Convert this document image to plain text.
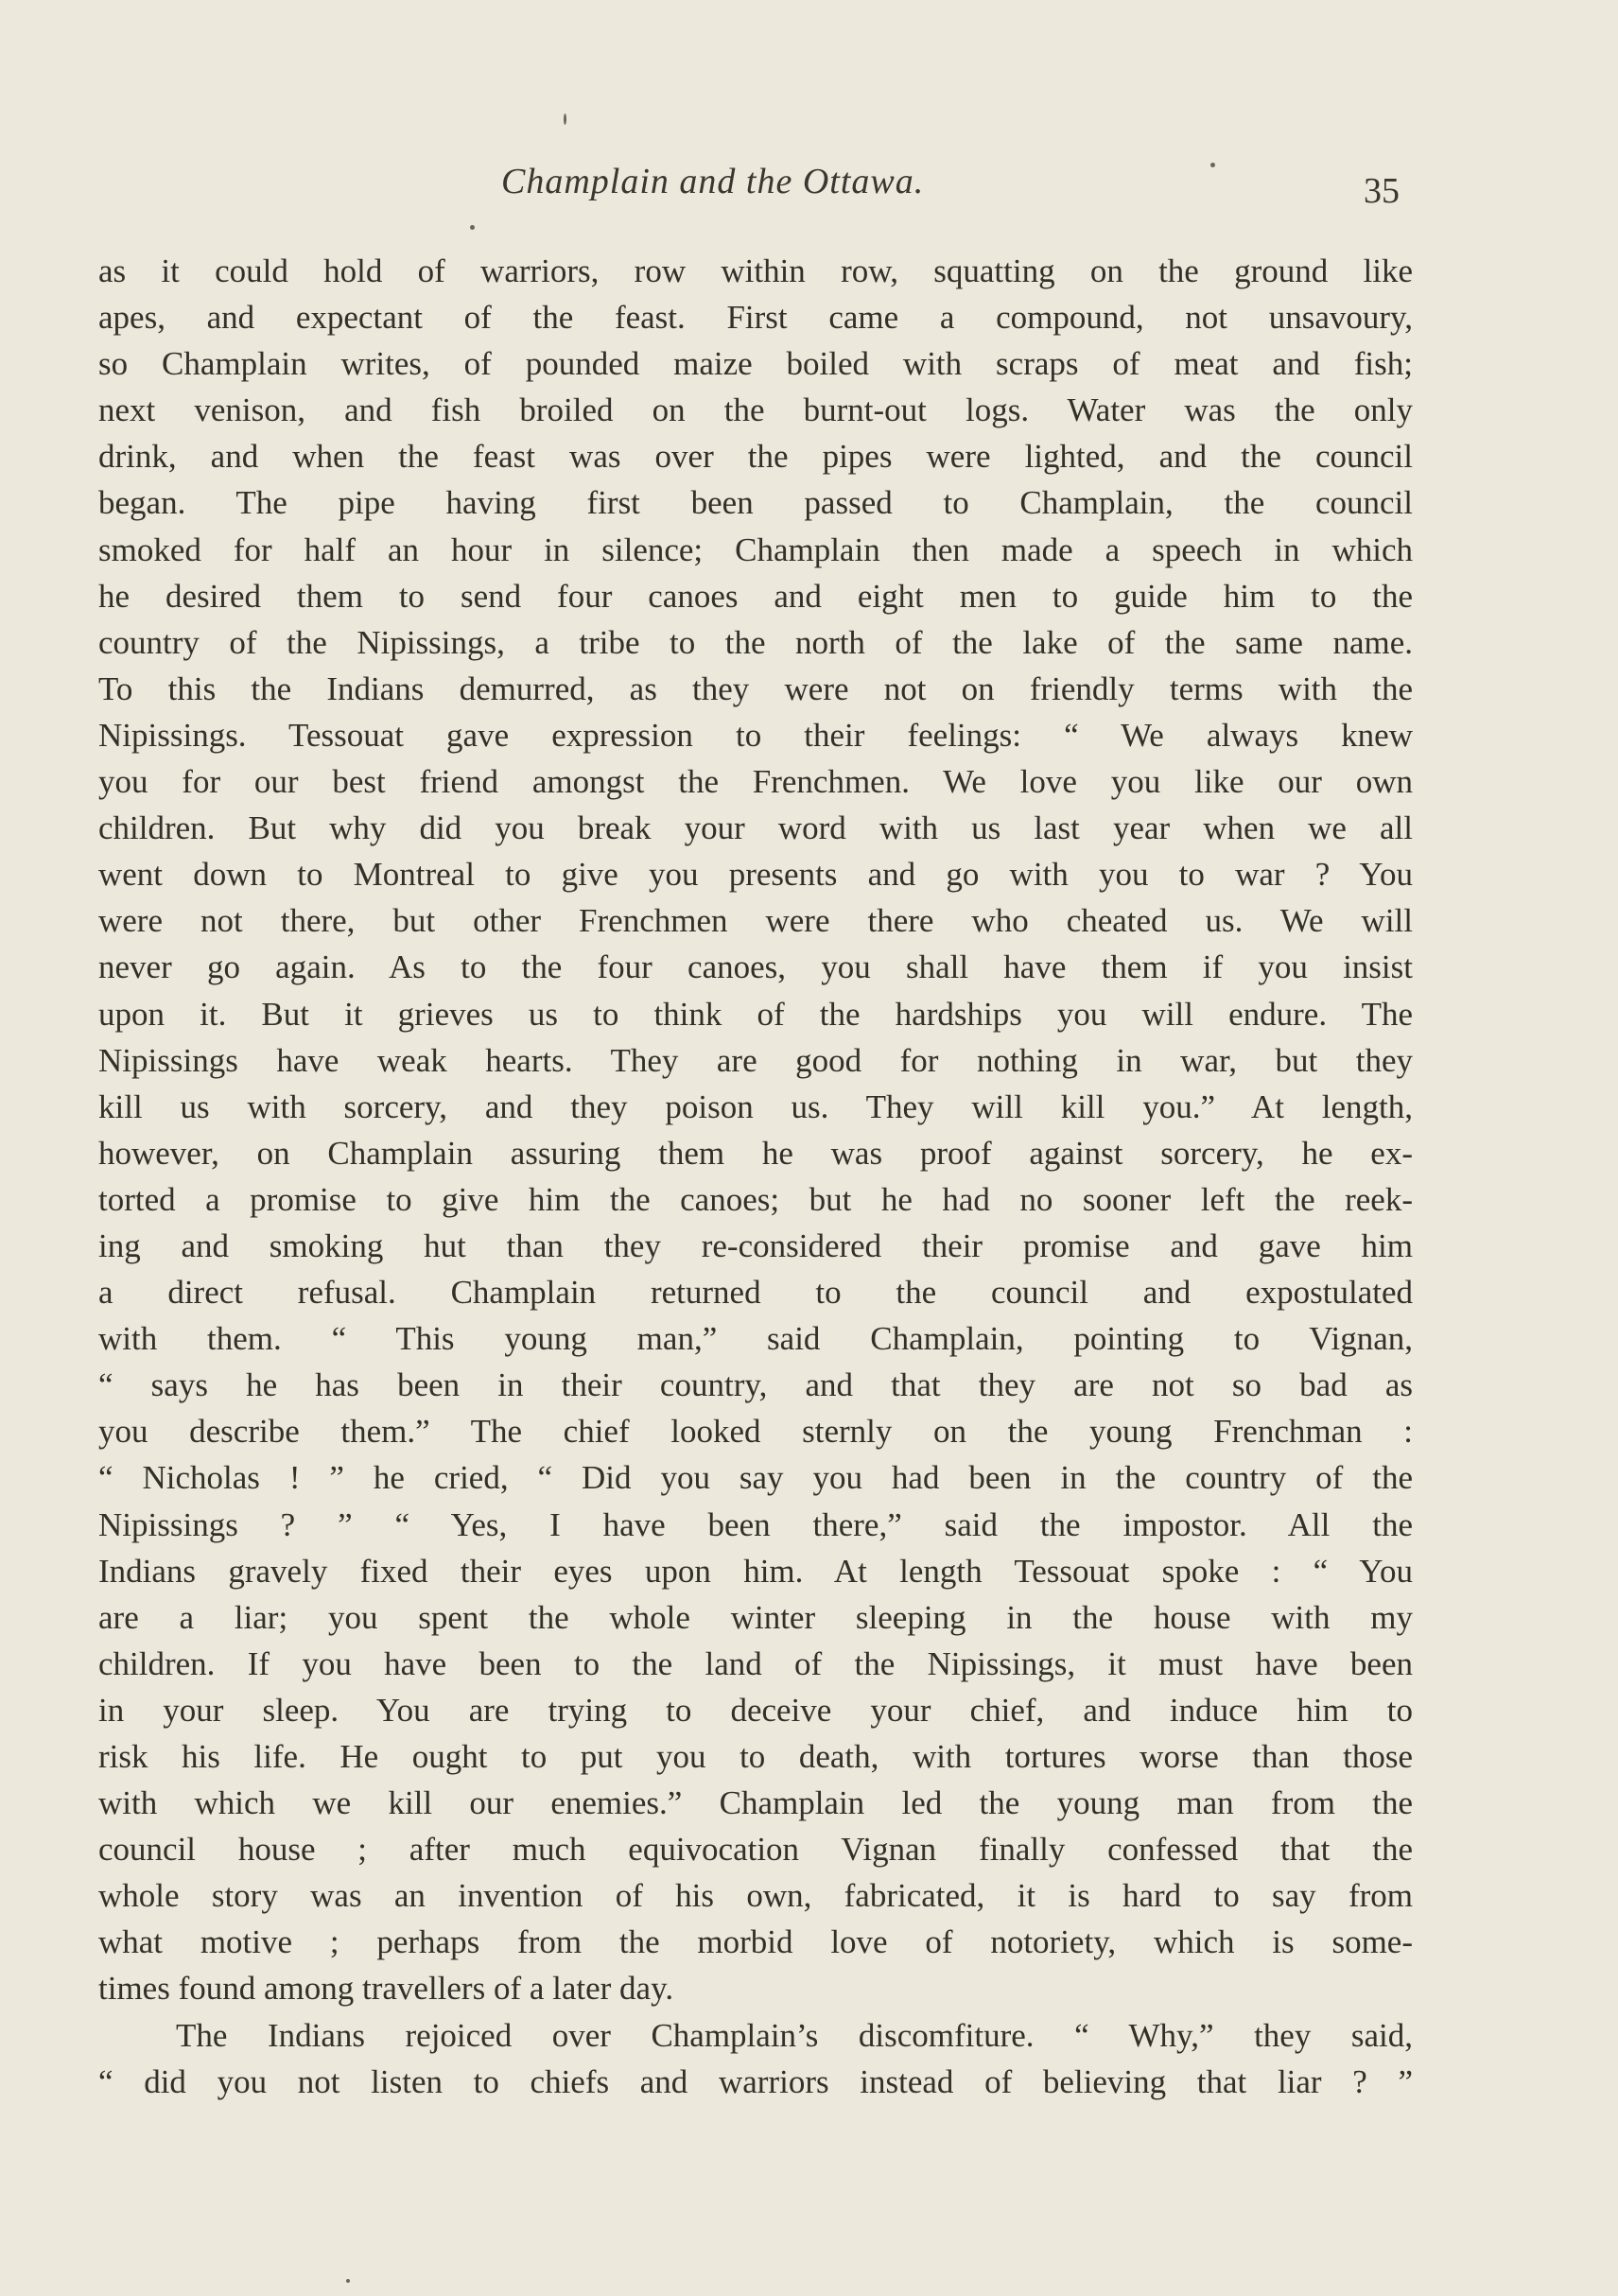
Champlain and the Ottawa.	35
as it could hold of warriors, row within row, squatting on the ground like
apes, and expectant of the feast. First came a compound, not unsavoury,
so Champlain writes, of pounded maize boiled with scraps of meat and fish;
next venison, and fish broiled on the burnt-out logs. Water was the only
drink, and when the feast was over the pipes were lighted, and the council
began. The pipe having first been passed to Champlain, the council
smoked for half an hour in silence; Champlain then made a speech in which
he desired them to send four canoes and eight men to guide him to the
country of the Nipissings, a tribe to the north of the lake of the same name.
To this the Indians demurred, as they were not on friendly terms with the
Nipissings. Tessouat gave expression to their feelings: “ We always knew
you for our best friend amongst the Frenchmen. We love you like our own
children. But why did you break your word with us last year when we all
went down to Montreal to give you presents and go with you to war ? You
were not there, but other Frenchmen were there who cheated us. We will
never go again. As to the four canoes, you shall have them if you insist
upon it. But it grieves us to think of the hardships you will endure. The
Nipissings have weak hearts. They are good for nothing in war, but they
kill us with sorcery, and they poison us. They will kill you.” At length,
however, on Champlain assuring them he was proof against sorcery, he ex-
torted a promise to give him the canoes; but he had no sooner left the reek-
ing and smoking hut than they re-considered their promise and gave him
a direct refusal. Champlain returned to the council and expostulated
with them. “ This young man,” said Champlain, pointing to Vignan,
“ says he has been in their country, and that they are not so bad as
you describe them.” The chief looked sternly on the young Frenchman :
“ Nicholas ! ” he cried, “ Did you say you had been in the country of the
Nipissings ? ” “ Yes, I have been there,” said the impostor. All the
Indians gravely fixed their eyes upon him. At length Tessouat spoke : “ You
are a liar; you spent the whole winter sleeping in the house with my
children. If you have been to the land of the Nipissings, it must have been
in your sleep. You are trying to deceive your chief, and induce him to
risk his life. He ought to put you to death, with tortures worse than those
with which we kill our enemies.” Champlain led the young man from the
council house ; after much equivocation Vignan finally confessed that the
whole story was an invention of his own, fabricated, it is hard to say from
what motive ; perhaps from the morbid love of notoriety, which is some-
times found among travellers of a later day.
The Indians rejoiced over Champlain’s discomfiture. “ Why,” they said,
“ did you not listen to chiefs and warriors instead of believing that liar ? ”
